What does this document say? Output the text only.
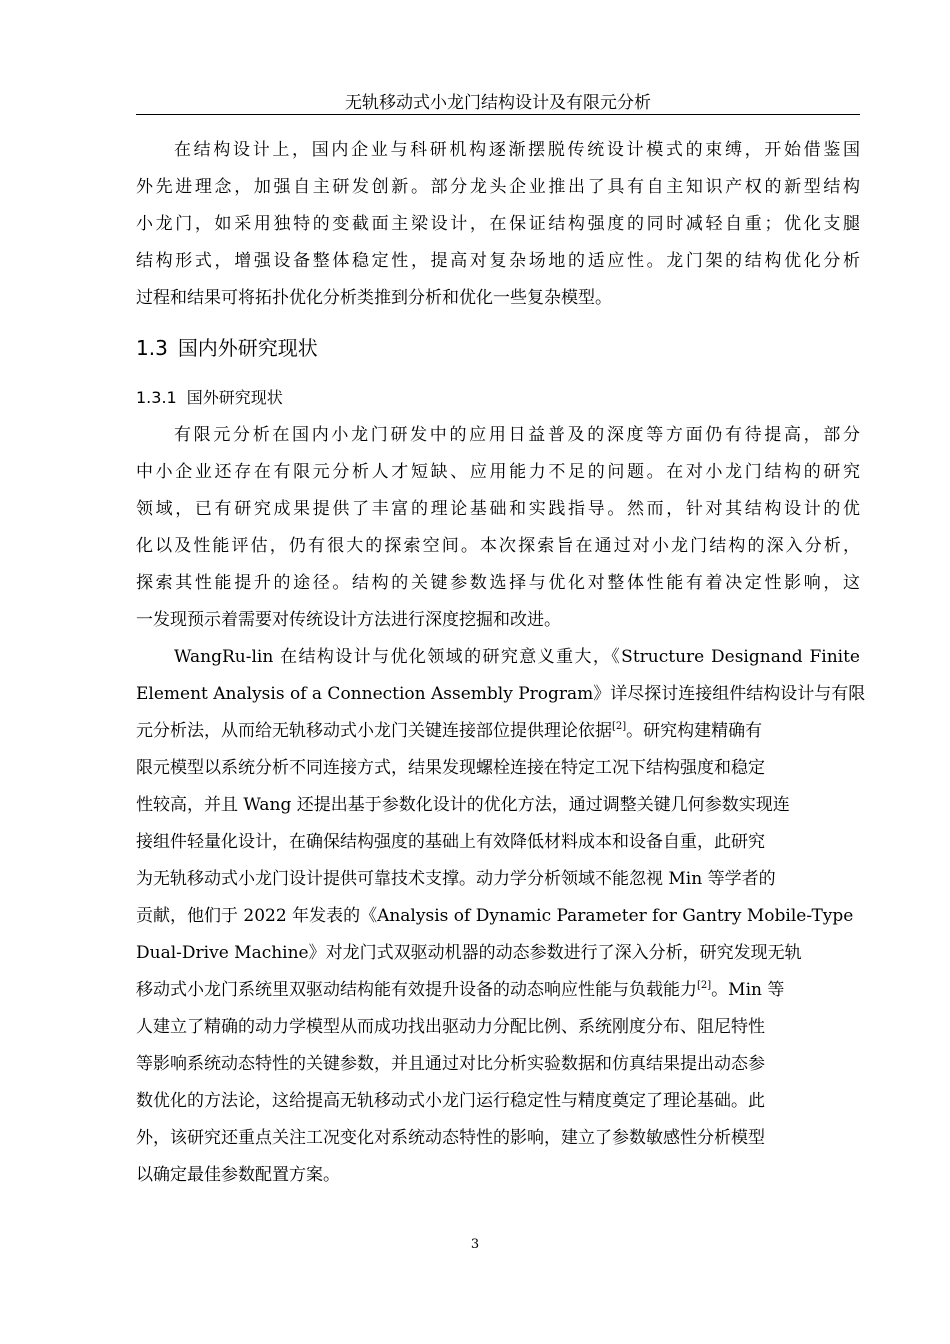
无轨移动式小龙门结构设计及有限元分析
在结构设计上，国内企业与科研机构逐渐摆脱传统设计模式的束缚，开始借鉴国
外先进理念，加强自主研发创新。部分龙头企业推出了具有自主知识产权的新型结构
小龙门，如采用独特的变截面主梁设计，在保证结构强度的同时减轻自重；优化支腿
结构形式，增强设备整体稳定性，提高对复杂场地的适应性。龙门架的结构优化分析
过程和结果可将拓扑优化分析类推到分析和优化一些复杂模型。
1.3 国内外研究现状
1.3.1 国外研究现状
有限元分析在国内小龙门研发中的应用日益普及的深度等方面仍有待提高，部分
中小企业还存在有限元分析人才短缺、应用能力不足的问题。在对小龙门结构的研究
领域，已有研究成果提供了丰富的理论基础和实践指导。然而，针对其结构设计的优
化以及性能评估，仍有很大的探索空间。本次探索旨在通过对小龙门结构的深入分析，
探索其性能提升的途径。结构的关键参数选择与优化对整体性能有着决定性影响，这
一发现预示着需要对传统设计方法进行深度挖掘和改进。
WangRu-lin 在结构设计与优化领域的研究意义重大，《Structure Designand Finite
Element Analysis of a Connection Assembly Program》详尽探讨连接组件结构设计与有限
元分析法，从而给无轨移动式小龙门关键连接部位提供理论依据[2]。研究构建精确有
限元模型以系统分析不同连接方式，结果发现螺栓连接在特定工况下结构强度和稳定
性较高，并且 Wang 还提出基于参数化设计的优化方法，通过调整关键几何参数实现连
接组件轻量化设计，在确保结构强度的基础上有效降低材料成本和设备自重，此研究
为无轨移动式小龙门设计提供可靠技术支撑。动力学分析领域不能忽视 Min 等学者的
贡献，他们于 2022 年发表的《Analysis of Dynamic Parameter for Gantry Mobile-Type
Dual-Drive Machine》对龙门式双驱动机器的动态参数进行了深入分析，研究发现无轨
移动式小龙门系统里双驱动结构能有效提升设备的动态响应性能与负载能力[2]。Min 等
人建立了精确的动力学模型从而成功找出驱动力分配比例、系统刚度分布、阻尼特性
等影响系统动态特性的关键参数，并且通过对比分析实验数据和仿真结果提出动态参
数优化的方法论，这给提高无轨移动式小龙门运行稳定性与精度奠定了理论基础。此
外，该研究还重点关注工况变化对系统动态特性的影响，建立了参数敏感性分析模型
以确定最佳参数配置方案。
3
